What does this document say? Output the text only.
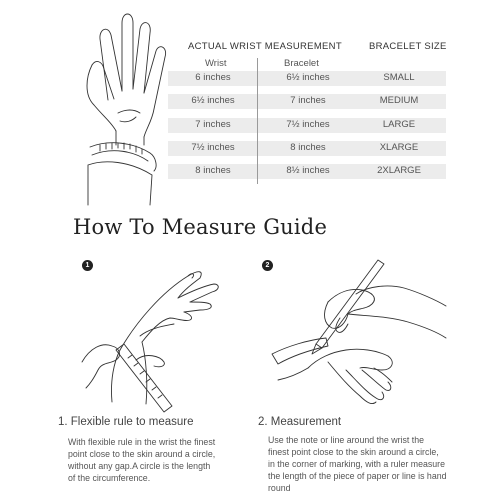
ACTUAL WRIST MEASUREMENT	BRACELET SIZE
Wrist	Bracelet
6 inches	6½ inches	SMALL
6½ inches	7 inches	MEDIUM
7 inches	7½ inches	LARGE
7½ inches	8 inches	XLARGE
8 inches	8½ inches	2XLARGE
How To Measure Guide
1
1. Flexible rule to measure
With flexible rule in the wrist the finest
point close to the skin around a circle,
without any gap.A circle is the length
of the circumference.
2
2. Measurement
Use the note or line around the wrist the
finest point close to the skin around a circle,
in the corner of marking, with a ruler measure
the length of the piece of paper or line is hand
round
